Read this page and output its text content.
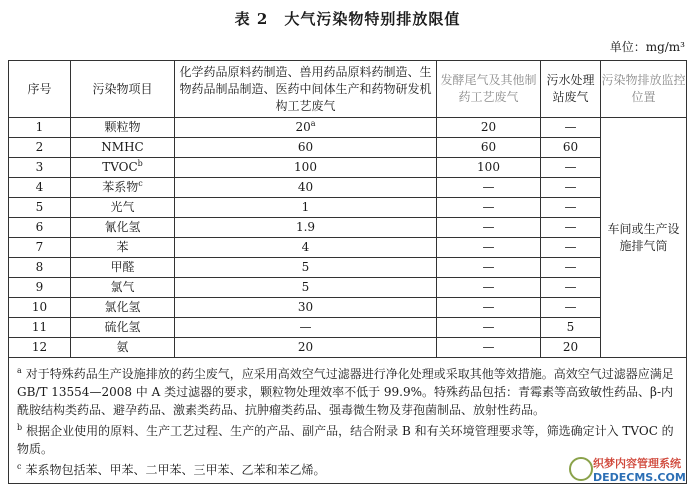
表 2　大气污染物特别排放限值
单位：mg/m³
序号	污染物项目	化学药品原料药制造、兽用药品原料药制造、生物药品制品制造、医药中间体生产和药物研发机构工艺废气	发酵尾气及其他制药工艺废气	污水处理站废气	污染物排放监控位置
1	颗粒物	20$^a$	20	—	车间或生产设施排气筒
2	NMHC	60	60	60	
3	TVOC$^b$	100	100	—	
4	苯系物$^c$	40	—	—	
5	光气	1	—	—	
6	氰化氢	1.9	—	—	
7	苯	4	—	—	
8	甲醛	5	—	—	
9	氯气	5	—	—	
10	氯化氢	30	—	—	
11	硫化氢	—	—	5	
12	氨	20	—	20	

$^a$ 对于特殊药品生产设施排放的药尘废气，应采用高效空气过滤器进行净化处理或采取其他等效措施。高效空气过滤器应满足 GB/T 13554—2008 中 A 类过滤器的要求，颗粒物处理效率不低于 99.9%。特殊药品包括：青霉素等高致敏性药品、β-内酰胺结构类药品、避孕药品、激素类药品、抗肿瘤类药品、强毒微生物及芽孢菌制品、放射性药品。
$^b$ 根据企业使用的原料、生产工艺过程、生产的产品、副产品，结合附录 B 和有关环境管理要求等，筛选确定计入 TVOC 的物质。
$^c$ 苯系物包括苯、甲苯、二甲苯、三甲苯、乙苯和苯乙烯。						织梦内容管理系统
DEDECMS.COM
